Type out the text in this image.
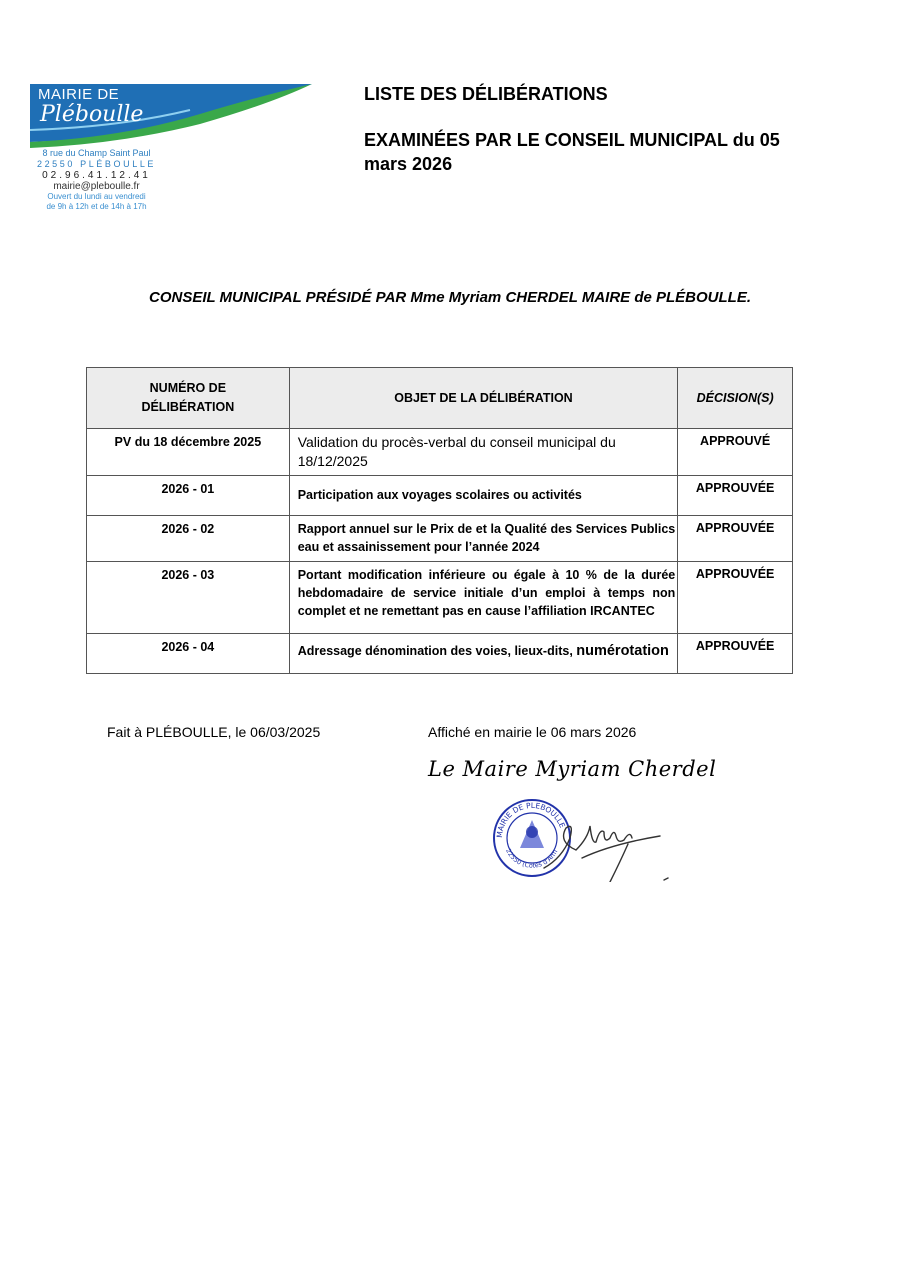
MAIRIE DE
Pléboulle
8 rue du Champ Saint Paul
22550 PLÉBOULLE
02.96.41.12.41
mairie@pleboulle.fr
Ouvert du lundi au vendredi
de 9h à 12h et de 14h à 17h
LISTE DES DÉLIBÉRATIONS
EXAMINÉES PAR LE CONSEIL MUNICIPAL du 05 mars 2026
CONSEIL MUNICIPAL PRÉSIDÉ PAR Mme Myriam CHERDEL MAIRE de PLÉBOULLE.
NUMÉRO DE DÉLIBÉRATION	OBJET DE LA DÉLIBÉRATION	DÉCISION(S)
PV du 18 décembre 2025	Validation du procès-verbal du conseil municipal du 18/12/2025	APPROUVÉ
2026 - 01	Participation aux voyages scolaires ou activités	APPROUVÉE
2026 - 02	Rapport annuel sur le Prix de et la Qualité des Services Publics eau et assainissement pour l’année 2024	APPROUVÉE
2026 - 03	Portant modification inférieure ou égale à 10 % de la durée hebdomadaire de service initiale d’un emploi à temps non complet et ne remettant pas en cause l’affiliation IRCANTEC	APPROUVÉE
2026 - 04	Adressage dénomination des voies, lieux-dits, numérotation	APPROUVÉE
Fait à PLÉBOULLE, le 06/03/2025	Affiché en mairie le 06 mars 2026
Le Maire Myriam Cherdel
MAIRIE DE PLEBOULLE
22550 (Côtes d'Arm
